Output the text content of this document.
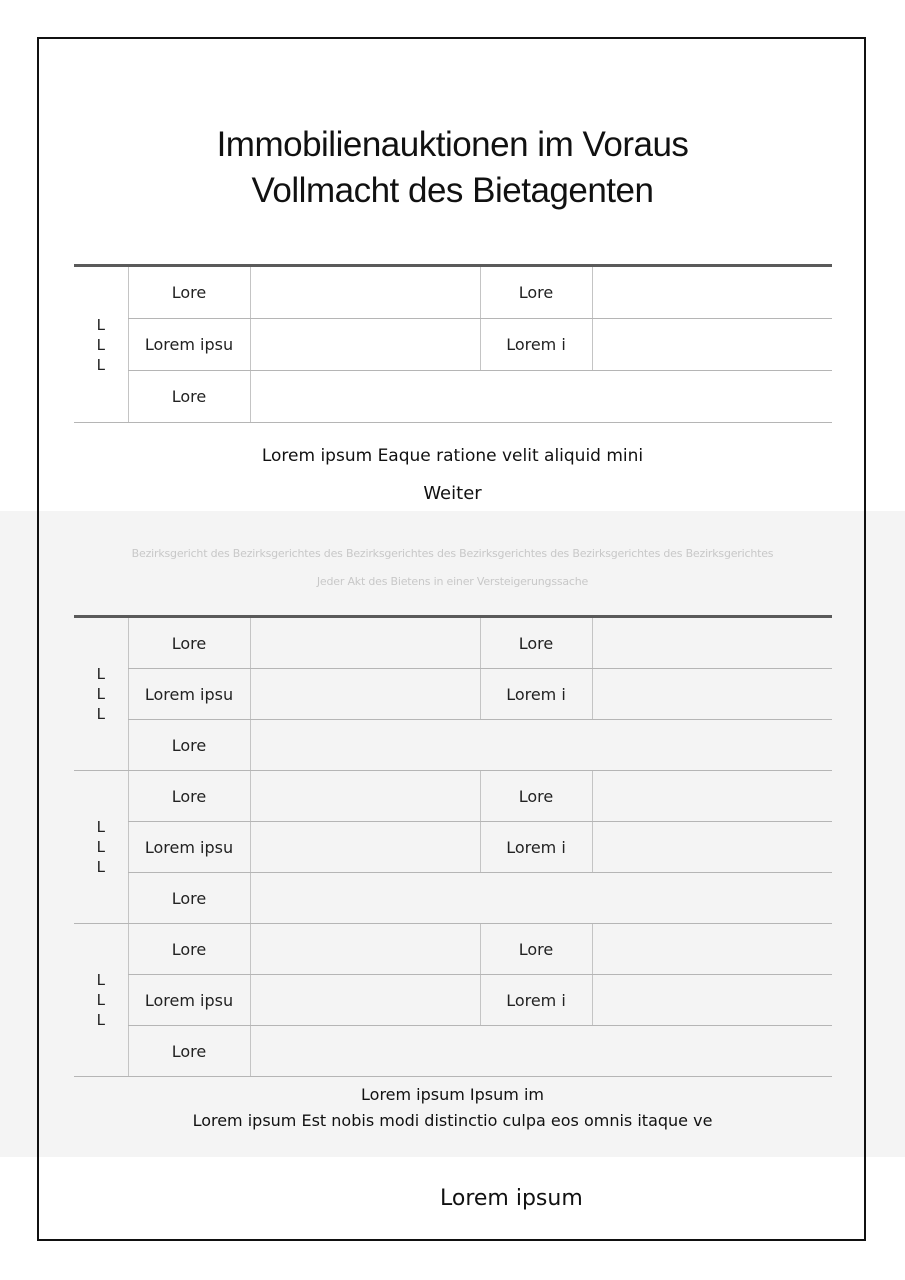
Immobilienauktionen im Voraus
Vollmacht des Bietagenten
L
L
L	Lore		Lore	
	Lorem ipsu		Lorem i	
	Lore			
Lorem ipsum Eaque ratione velit aliquid mini
Weiter
Bezirksgericht des Bezirksgerichtes des Bezirksgerichtes des Bezirksgerichtes des Bezirksgerichtes des Bezirksgerichtes
Jeder Akt des Bietens in einer Versteigerungssache
L
L
L	Lore		Lore	
	Lorem ipsu		Lorem i	
	Lore			

L
L
L	Lore		Lore	
	Lorem ipsu		Lorem i	
	Lore			

L
L
L	Lore		Lore	
	Lorem ipsu		Lorem i	
	Lore			
Lorem ipsum Ipsum im
Lorem ipsum Est nobis modi distinctio culpa eos omnis itaque ve
Lorem ipsum
